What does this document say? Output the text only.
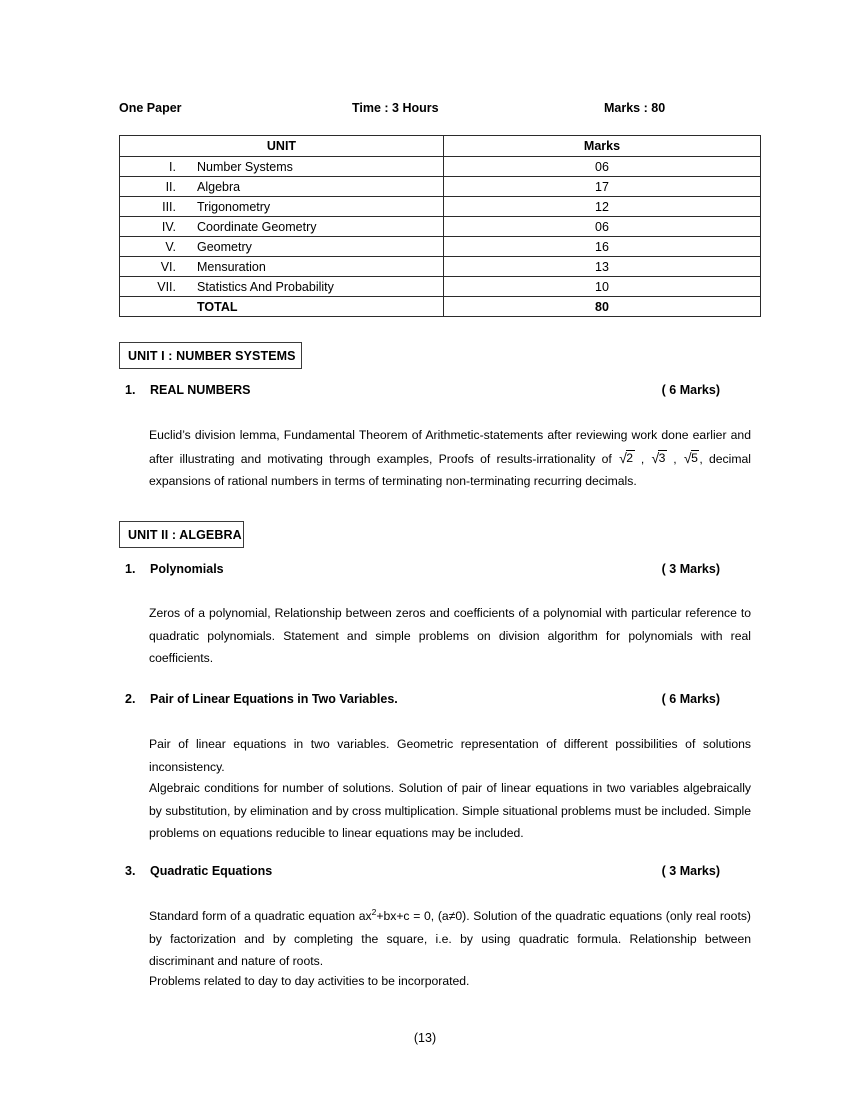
One Paper	Time : 3 Hours	Marks : 80
UNIT	Marks
I. Number Systems	06
II. Algebra	17
III. Trigonometry	12
IV. Coordinate Geometry	06
V. Geometry	16
VI. Mensuration	13
VII. Statistics And Probability	10
TOTAL	80
UNIT I : NUMBER SYSTEMS
1. REAL NUMBERS	( 6 Marks)
Euclid’s division lemma, Fundamental Theorem of Arithmetic-statements after reviewing work done earlier and after illustrating and motivating through examples, Proofs of results-irrationality of √2 , √3 , √5 , decimal expansions of rational numbers in terms of terminating non-terminating recurring decimals.
UNIT II : ALGEBRA
1. Polynomials	( 3 Marks)
Zeros of a polynomial, Relationship between zeros and coefficients of a polynomial with particular reference to quadratic polynomials. Statement and simple problems on division algorithm for polynomials with real coefficients.
2. Pair of Linear Equations in Two Variables.	( 6 Marks)
Pair of linear equations in two variables. Geometric representation of different possibilities of solutions inconsistency.
Algebraic conditions for number of solutions. Solution of pair of linear equations in two variables algebraically by substitution, by elimination and by cross multiplication. Simple situational problems must be included. Simple problems on equations reducible to linear equations may be included.
3. Quadratic Equations	( 3 Marks)
Standard form of a quadratic equation $ax^2+bx+c = 0$, (a≠0). Solution of the quadratic equations (only real roots) by factorization and by completing the square, i.e. by using quadratic formula. Relationship between discriminant and nature of roots.
Problems related to day to day activities to be incorporated.
(13)
